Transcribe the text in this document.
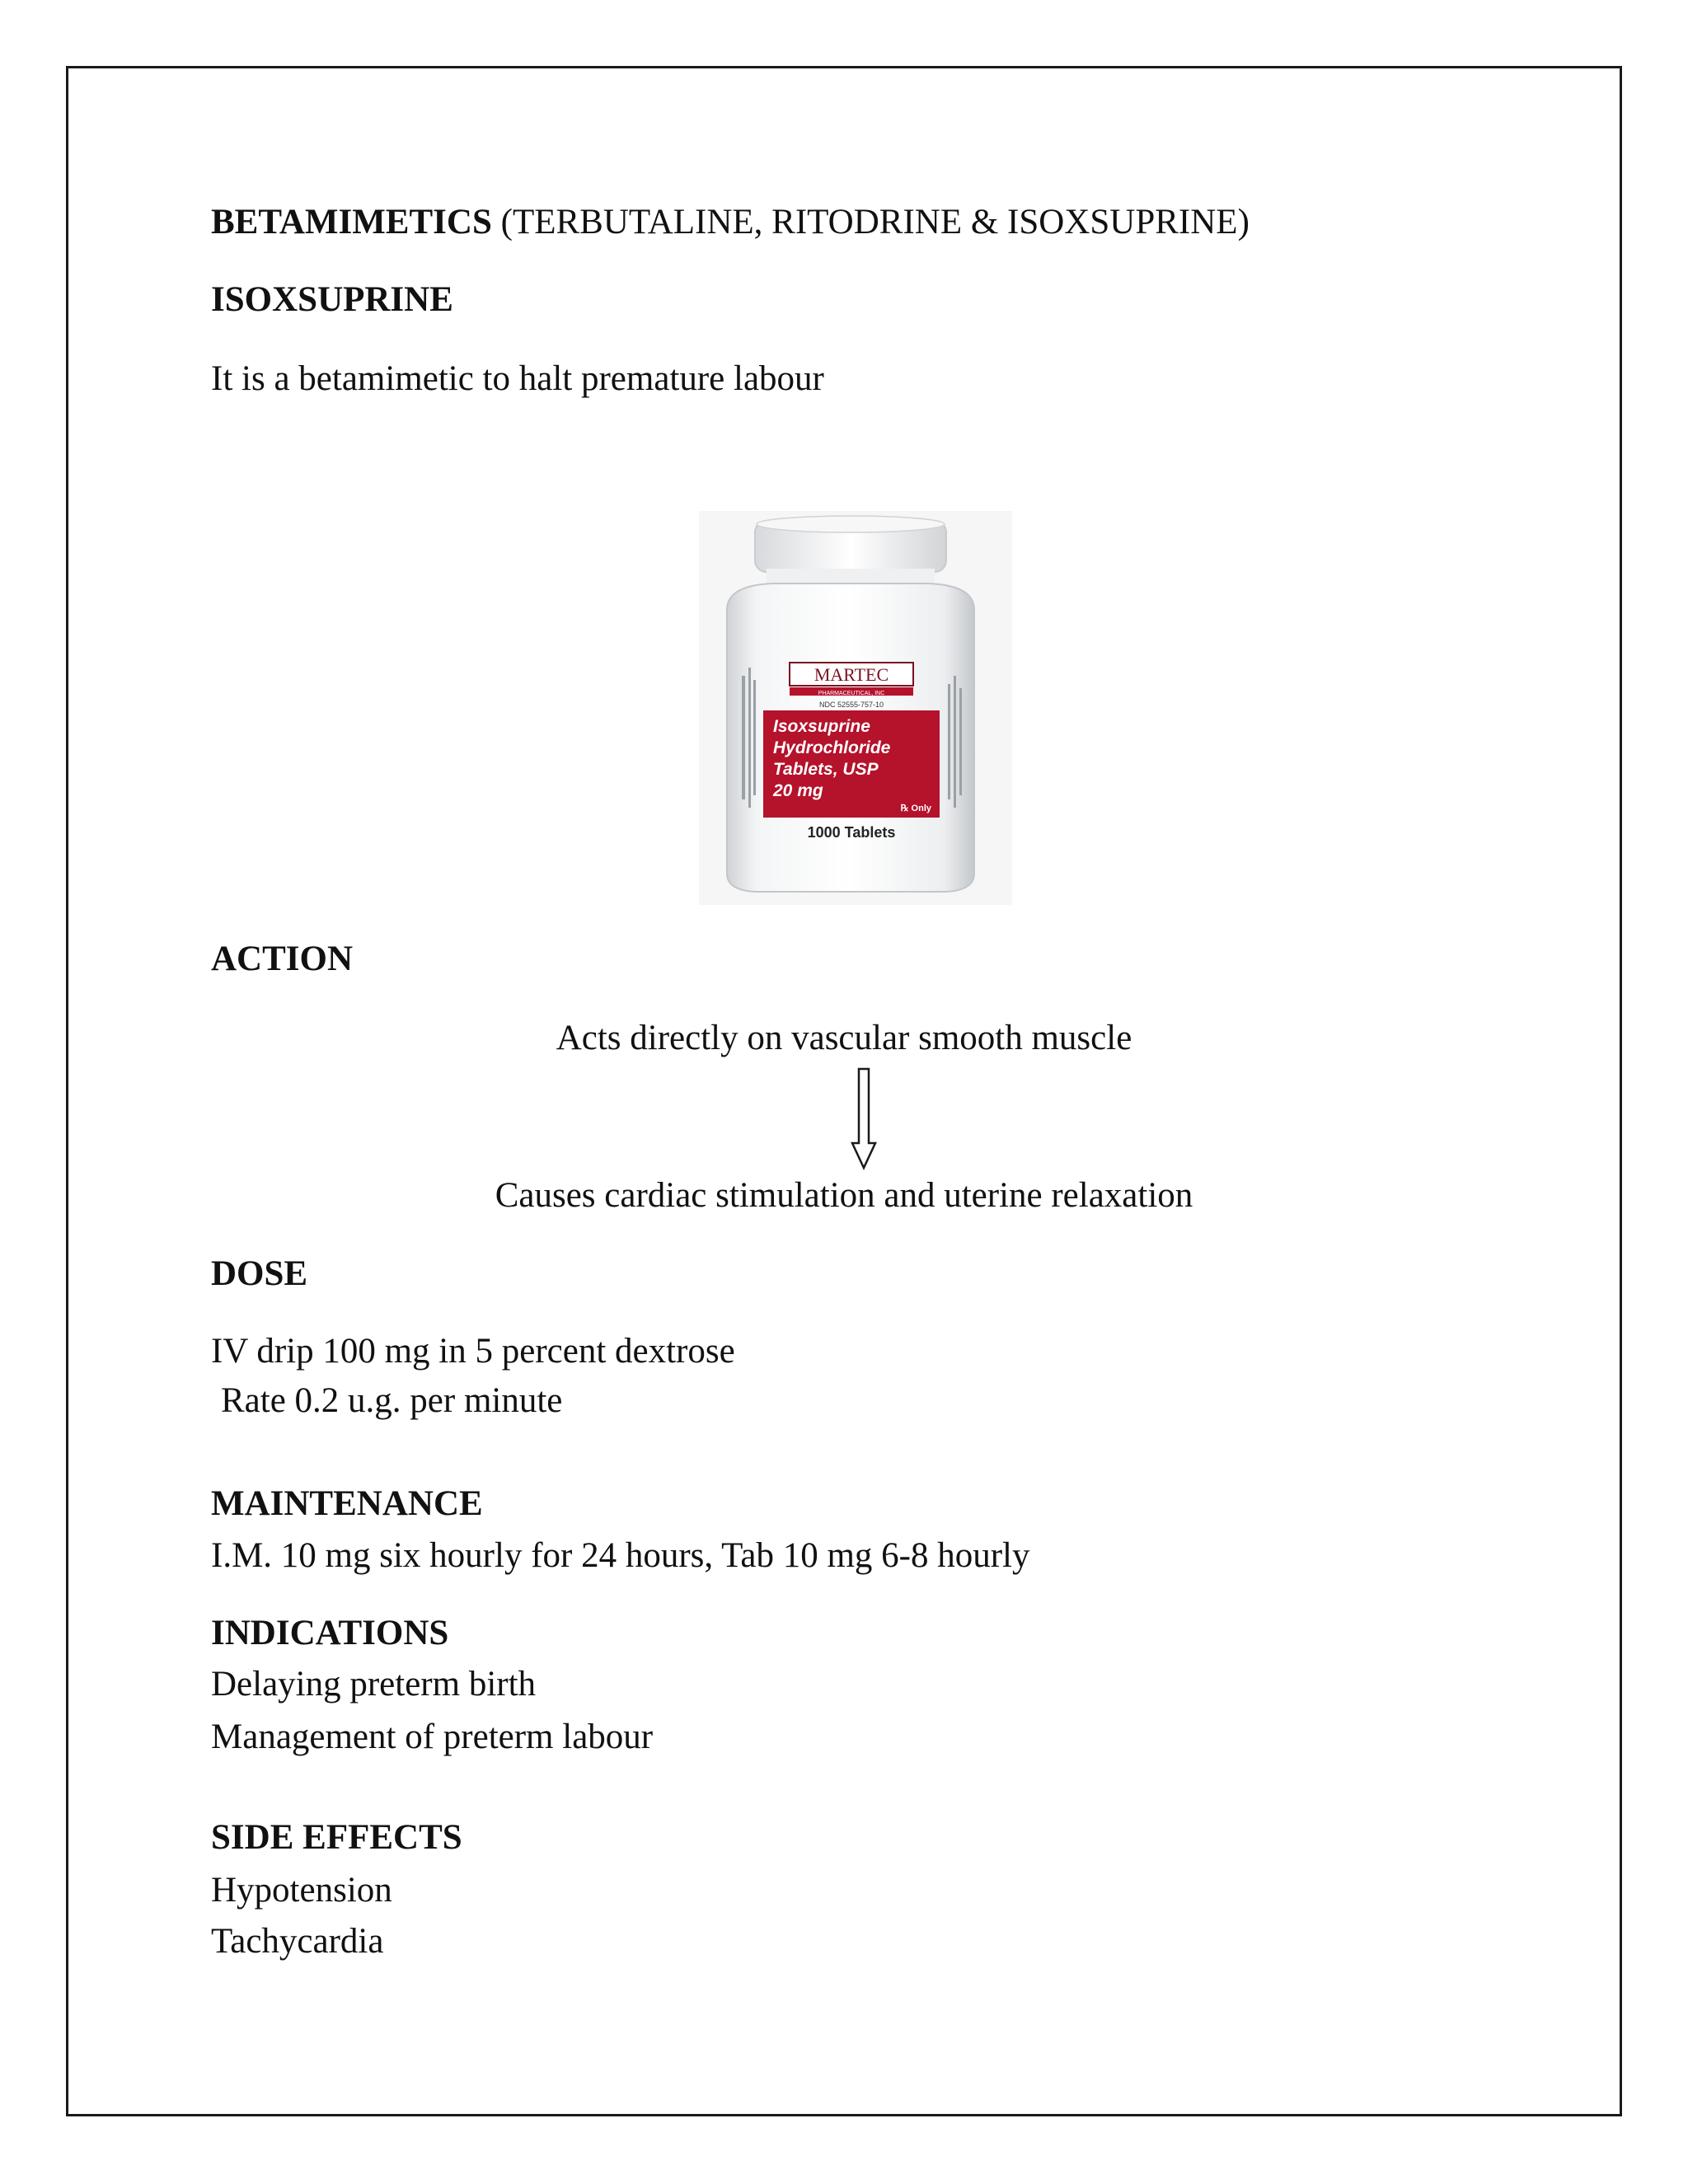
BETAMIMETICS (TERBUTALINE, RITODRINE & ISOXSUPRINE)
ISOXSUPRINE
It is a betamimetic to halt premature labour
MARTEC
PHARMACEUTICAL, INC
NDC 52555-757-10
Isoxsuprine
Hydrochloride
Tablets, USP
20 mg
℞ Only
1000 Tablets
ACTION
Acts directly on vascular smooth muscle
Causes cardiac stimulation and uterine relaxation
DOSE
IV drip 100 mg in 5 percent dextrose
Rate 0.2 u.g. per minute
MAINTENANCE
I.M. 10 mg six hourly for 24 hours, Tab 10 mg 6-8 hourly
INDICATIONS
Delaying preterm birth
Management of preterm labour
SIDE EFFECTS
Hypotension
Tachycardia
